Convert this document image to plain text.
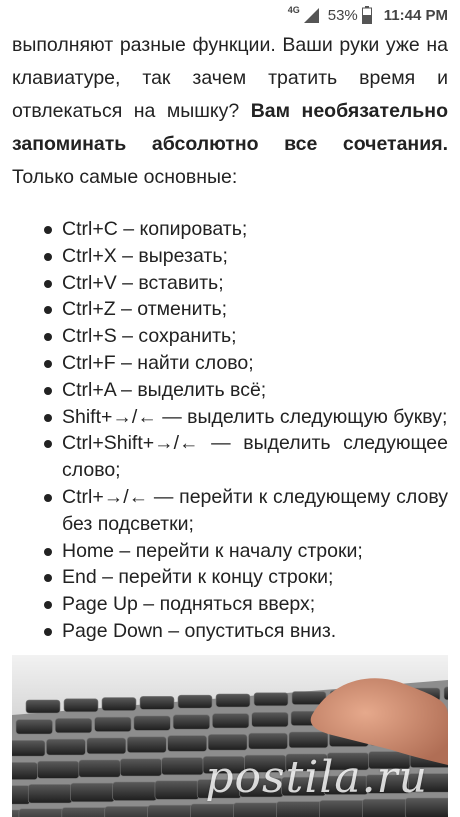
4G 53% 11:44 PM

выполняют разные функции. Ваши руки уже на клавиатуре, так зачем тратить время и отвлекаться на мышку? Вам необязательно запоминать абсолютно все сочетания. Только самые основные:

Ctrl+C – копировать;
Ctrl+X – вырезать;
Ctrl+V – вставить;
Ctrl+Z – отменить;
Ctrl+S – сохранить;
Ctrl+F – найти слово;
Ctrl+A – выделить всё;
Shift+→/← — выделить следующую букву;
Ctrl+Shift+→/← — выделить следующее слово;
Ctrl+→/← — перейти к следующему слову без подсветки;
Home – перейти к началу строки;
End – перейти к концу строки;
Page Up – подняться вверх;
Page Down – опуститься вниз.
postila.ru
